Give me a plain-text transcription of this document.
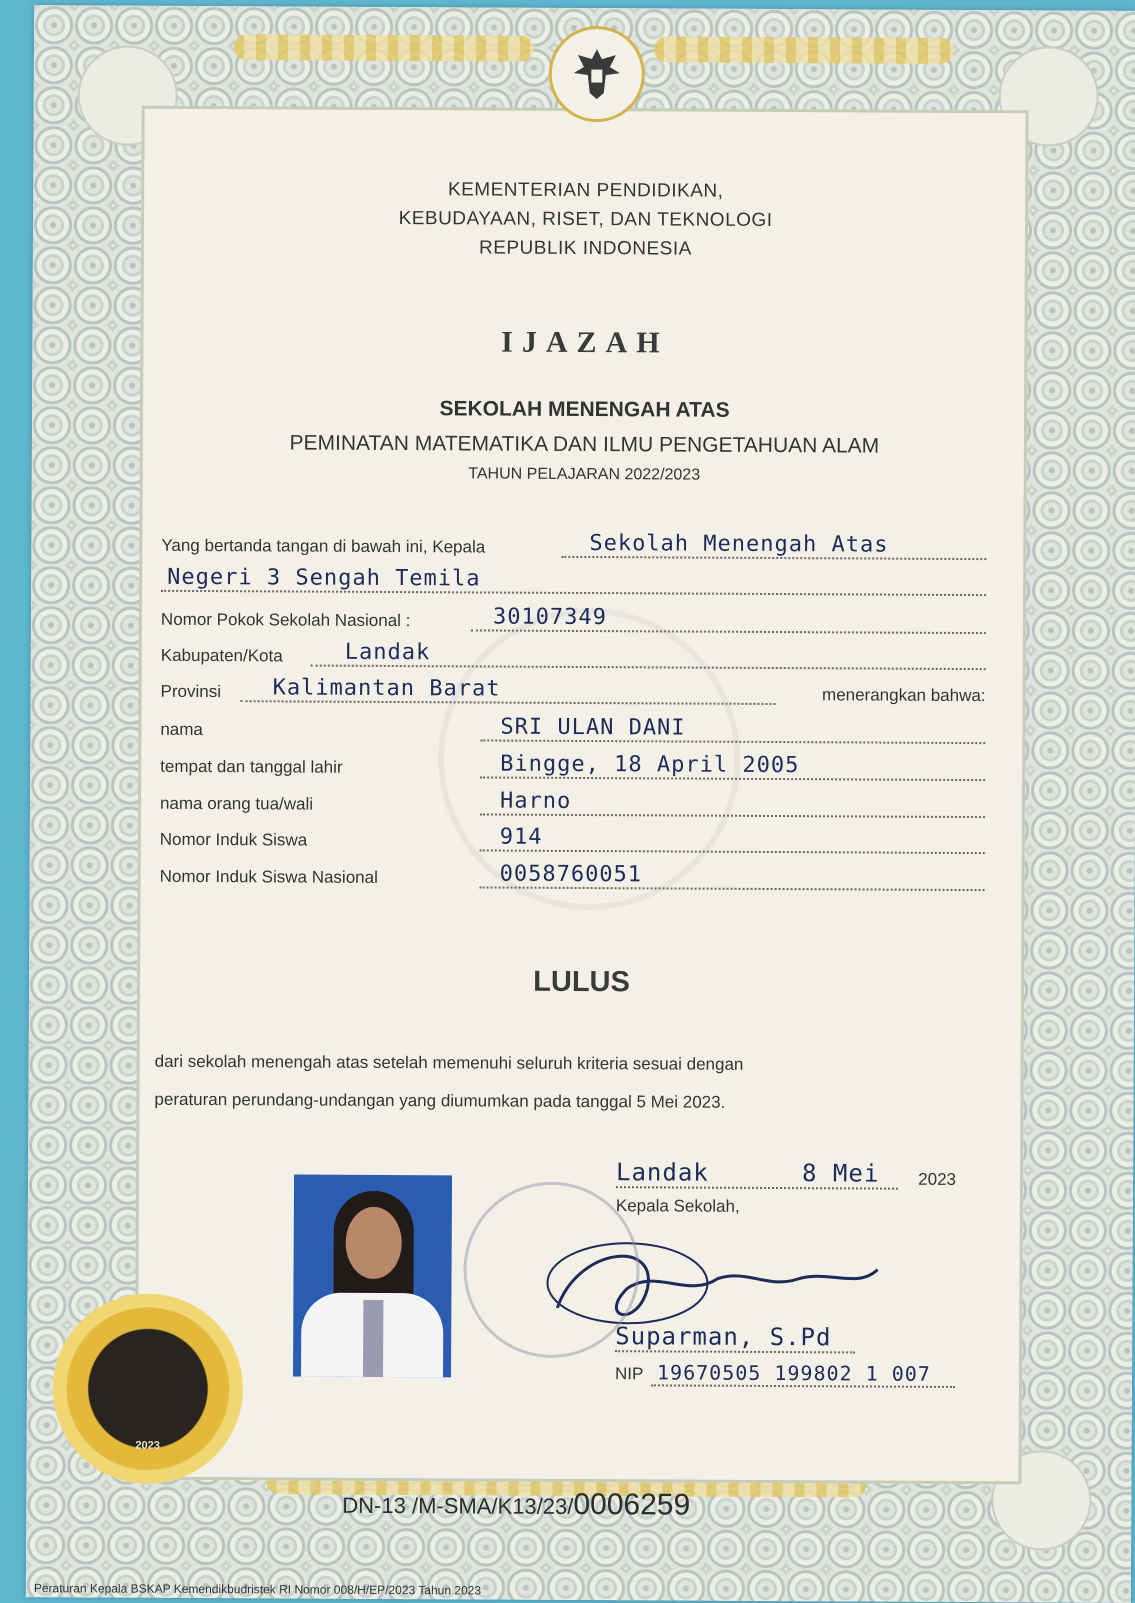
KEMENTERIAN PENDIDIKAN,
KEBUDAYAAN, RISET, DAN TEKNOLOGI
REPUBLIK INDONESIA
IJAZAH
SEKOLAH MENENGAH ATAS
PEMINATAN MATEMATIKA DAN ILMU PENGETAHUAN ALAM
TAHUN PELAJARAN 2022/2023
Yang bertanda tangan di bawah ini, Kepala	Sekolah Menengah Atas
Negeri 3 Sengah Temila
Nomor Pokok Sekolah Nasional :	30107349
Kabupaten/Kota	Landak
Provinsi Kalimantan Barat	menerangkan bahwa:
nama	SRI ULAN DANI
tempat dan tanggal lahir	Bingge, 18 April 2005
nama orang tua/wali	Harno
Nomor Induk Siswa	914
Nomor Induk Siswa Nasional	0058760051
LULUS
dari sekolah menengah atas setelah memenuhi seluruh kriteria sesuai dengan
peraturan perundang-undangan yang diumumkan pada tanggal 5 Mei 2023.
Landak	8 Mei 2023
Kepala Sekolah,
Suparman, S.Pd
NIP 19670505 199802 1 007
2023
DN-13 /M-SMA/K13/23/0006259
Peraturan Kepala BSKAP Kemendikbudristek RI Nomor 008/H/EP/2023 Tahun 2023
